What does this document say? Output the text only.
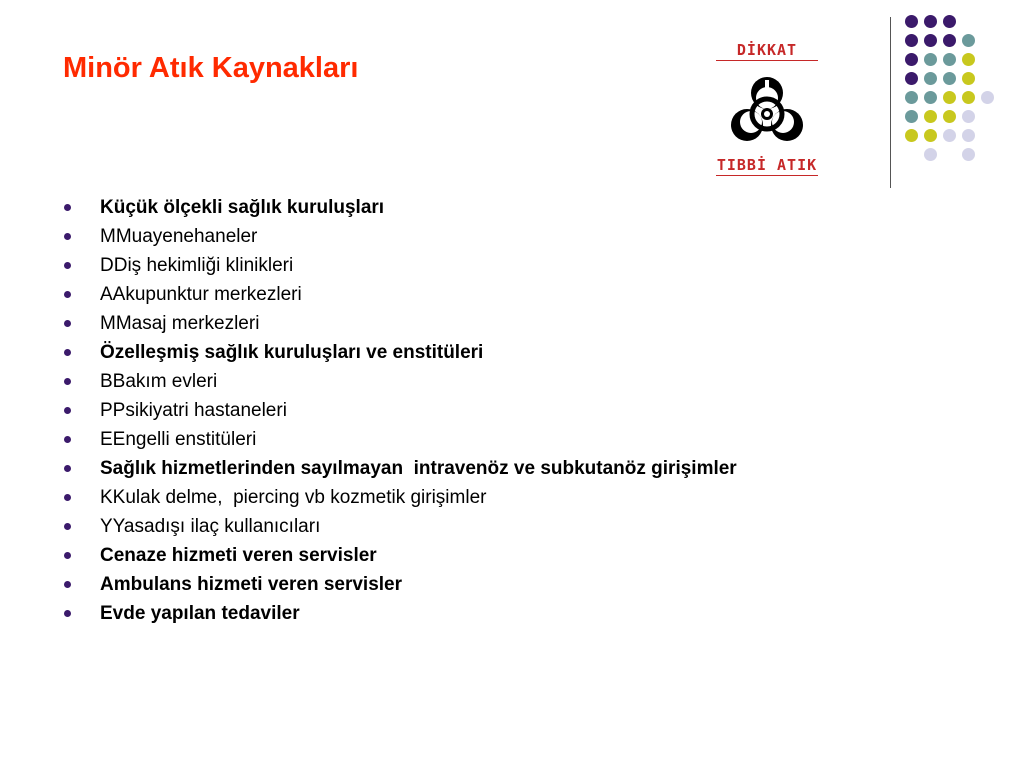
Minör Atık Kaynakları
DİKKAT
TIBBİ ATIK
Küçük ölçekli sağlık kuruluşları
MMuayenehaneler
DDiş hekimliği klinikleri
AAkupunktur merkezleri
MMasaj merkezleri
Özelleşmiş sağlık kuruluşları ve enstitüleri
BBakım evleri
PPsikiyatri hastaneleri
EEngelli enstitüleri
Sağlık hizmetlerinden sayılmayan  intravenöz ve subkutanöz girişimler
KKulak delme,  piercing vb kozmetik girişimler
YYasadışı ilaç kullanıcıları
Cenaze hizmeti veren servisler
Ambulans hizmeti veren servisler
Evde yapılan tedaviler
